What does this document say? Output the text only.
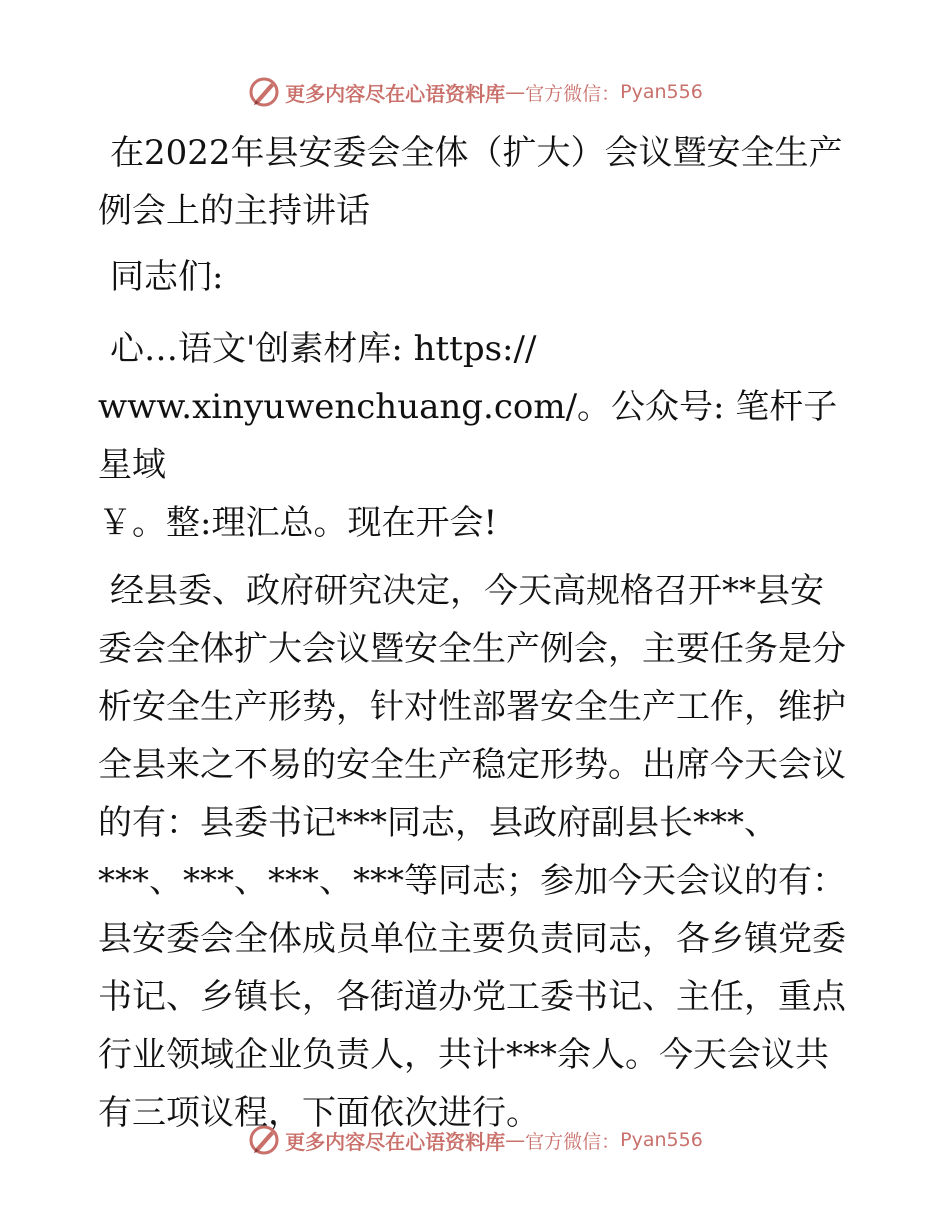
更多内容尽在心语资料库 — 官方微信： Pyan556

在2022年县安委会全体（扩大）会议暨安全生产例会上的主持讲话

同志们:

心…语文'创素材库: https://
www.xinyuwenchuang.com/。公众号: 笔杆子星域
￥。整:理汇总。现在开会!

经县委、政府研究决定，今天高规格召开**县安委会全体扩大会议暨安全生产例会，主要任务是分析安全生产形势，针对性部署安全生产工作，维护全县来之不易的安全生产稳定形势。出席今天会议的有：县委书记***同志，县政府副县长***、***、***、***、***等同志；参加今天会议的有：县安委会全体成员单位主要负责同志，各乡镇党委书记、乡镇长，各街道办党工委书记、主任，重点行业领域企业负责人，共计***余人。今天会议共有三项议程，下面依次进行。

更多内容尽在心语资料库 — 官方微信： Pyan556
